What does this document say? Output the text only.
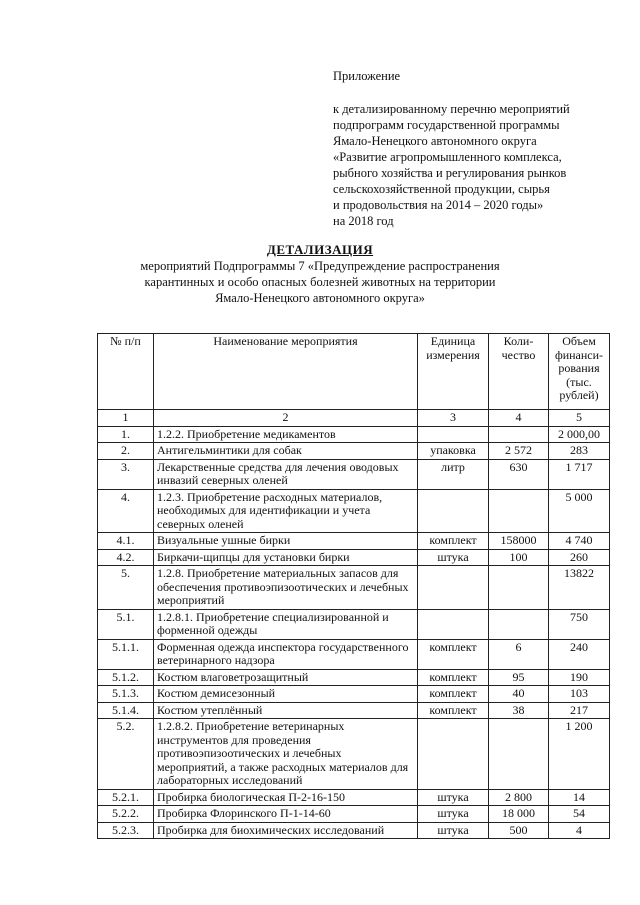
Приложение
к детализированному перечню мероприятий
подпрограмм государственной программы
Ямало-Ненецкого автономного округа
«Развитие агропромышленного комплекса,
рыбного хозяйства и регулирования рынков
сельскохозяйственной продукции, сырья
и продовольствия на 2014 – 2020 годы»
на 2018 год
ДЕТАЛИЗАЦИЯ
мероприятий Подпрограммы 7 «Предупреждение распространения
карантинных и особо опасных болезней животных на территории
Ямало-Ненецкого автономного округа»
№ п/п	Наименование мероприятия	Единица измерения	Коли-чество	Объем финанси-рования (тыс. рублей)
1	2	3	4	5
1.	1.2.2. Приобретение медикаментов			2 000,00
2.	Антигельминтики для собак	упаковка	2 572	283
3.	Лекарственные средства для лечения оводовых инвазий северных оленей	литр	630	1 717
4.	1.2.3. Приобретение расходных материалов, необходимых для идентификации и учета северных оленей			5 000
4.1.	Визуальные ушные бирки	комплект	158000	4 740
4.2.	Биркачи-щипцы для установки бирки	штука	100	260
5.	1.2.8. Приобретение материальных запасов для обеспечения противоэпизоотических и лечебных мероприятий			13822
5.1.	1.2.8.1. Приобретение специализированной и форменной одежды			750
5.1.1.	Форменная одежда инспектора государственного ветеринарного надзора	комплект	6	240
5.1.2.	Костюм влаговетрозащитный	комплект	95	190
5.1.3.	Костюм демисезонный	комплект	40	103
5.1.4.	Костюм утеплённый	комплект	38	217
5.2.	1.2.8.2. Приобретение ветеринарных инструментов для проведения противоэпизоотических и лечебных мероприятий, а также расходных материалов для лабораторных исследований			1 200
5.2.1.	Пробирка биологическая П-2-16-150	штука	2 800	14
5.2.2.	Пробирка Флоринского П-1-14-60	штука	18 000	54
5.2.3.	Пробирка для биохимических исследований	штука	500	4
